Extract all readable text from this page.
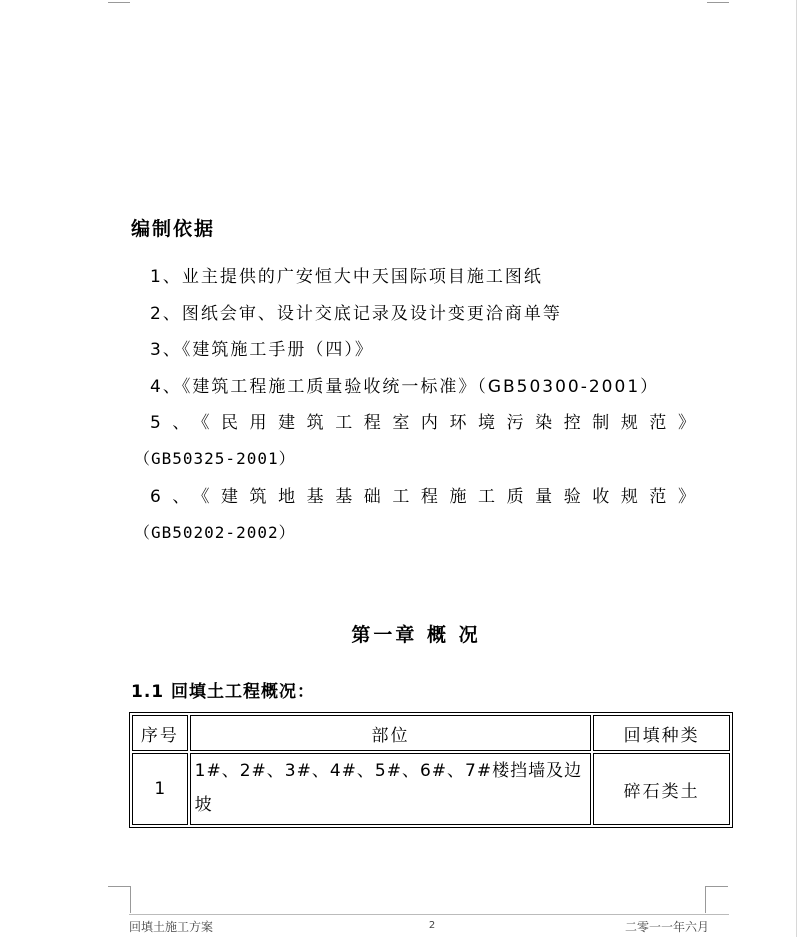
编制依据
1、业主提供的广安恒大中天国际项目施工图纸
2、图纸会审、设计交底记录及设计变更洽商单等
3、《建筑施工手册（四）》
4、《建筑工程施工质量验收统一标准》（GB50300-2001）
5、《民用建筑工程室内环境污染控制规范》
（GB50325-2001）
6、《建筑地基基础工程施工质量验收规范》
（GB50202-2002）
第一章 概 况
1.1 回填土工程概况：
序号	部位	回填种类
1	1#、2#、3#、4#、5#、6#、7#楼挡墙及边坡	碎石类土
回填土施工方案	2	二零一一年六月
